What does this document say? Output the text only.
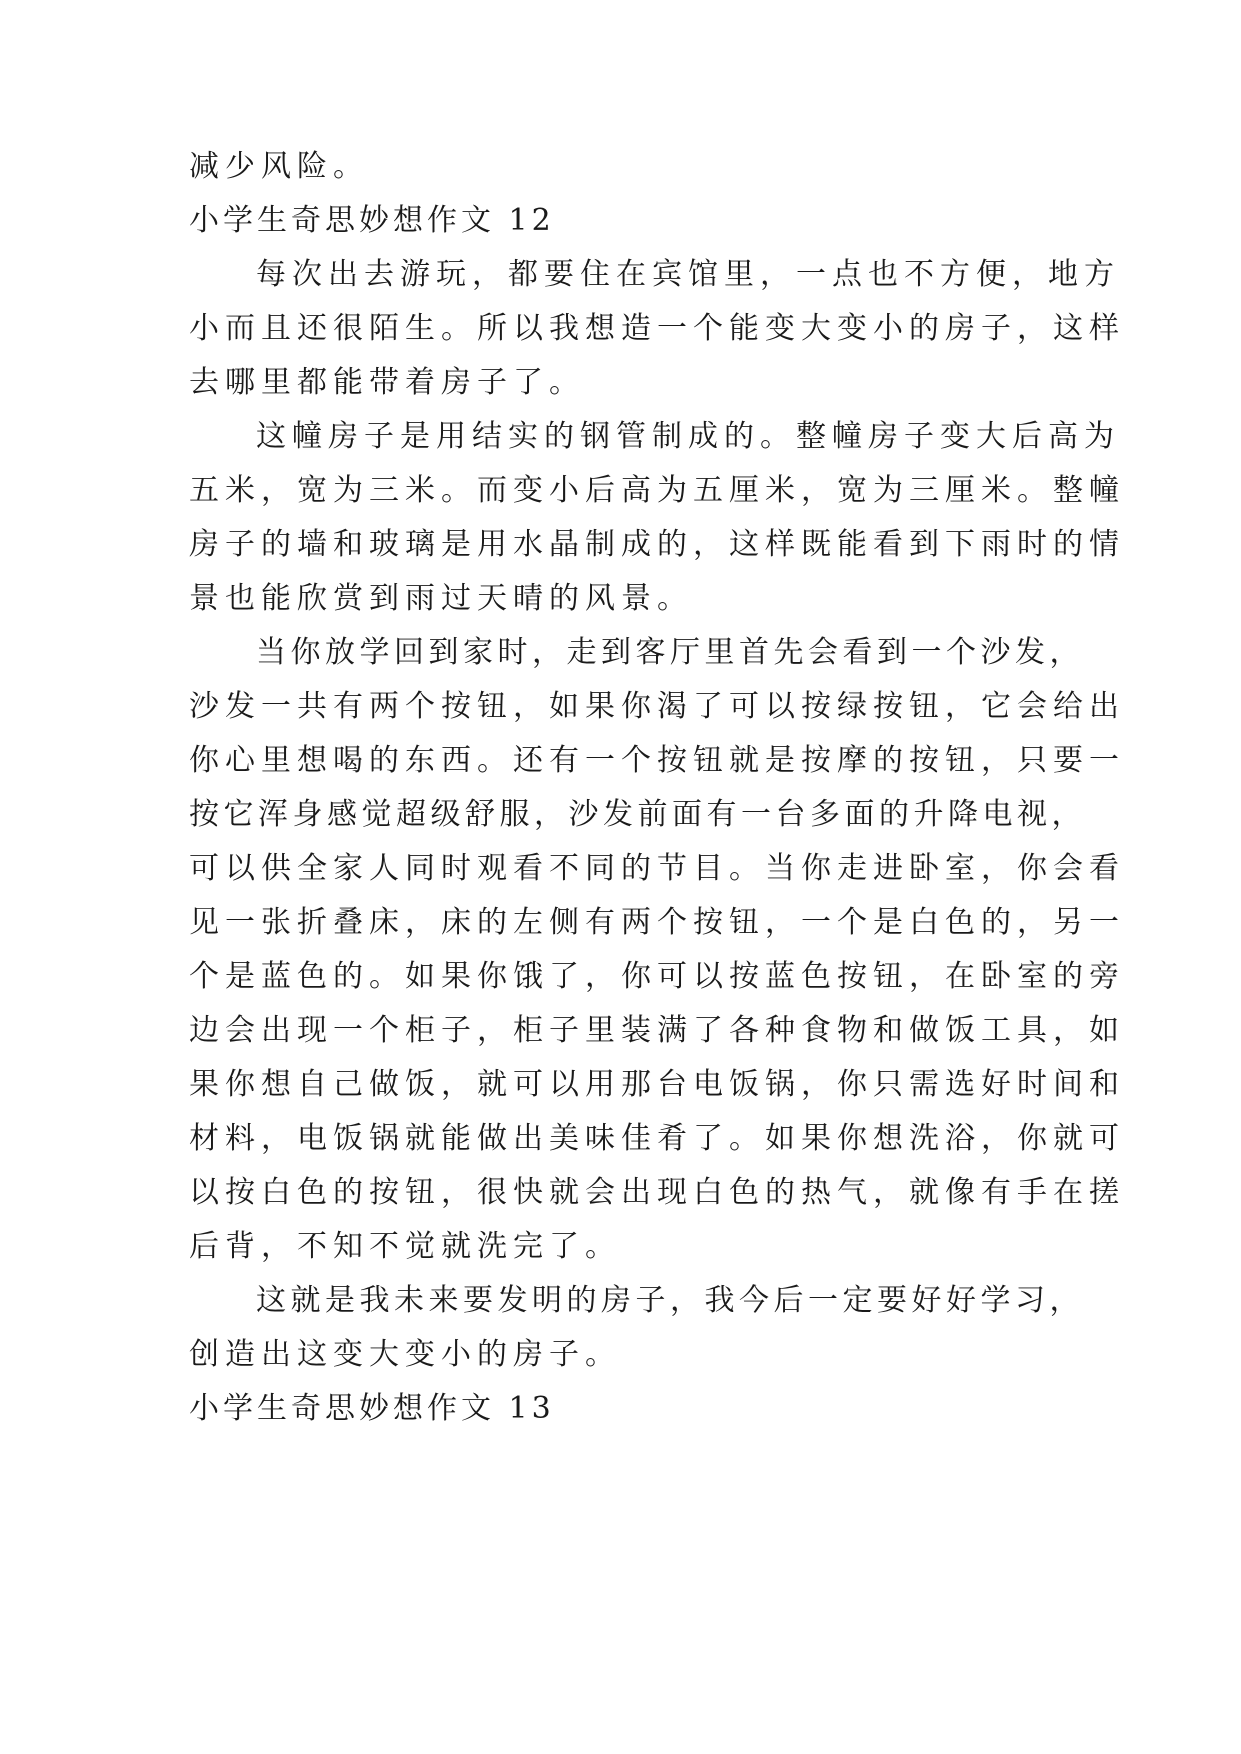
减少风险。

小学生奇思妙想作文 12

每次出去游玩，都要住在宾馆里，一点也不方便，地方

小而且还很陌生。所以我想造一个能变大变小的房子，这样

去哪里都能带着房子了。

这幢房子是用结实的钢管制成的。整幢房子变大后高为

五米，宽为三米。而变小后高为五厘米，宽为三厘米。整幢

房子的墙和玻璃是用水晶制成的，这样既能看到下雨时的情

景也能欣赏到雨过天晴的风景。

当你放学回到家时，走到客厅里首先会看到一个沙发，

沙发一共有两个按钮，如果你渴了可以按绿按钮，它会给出

你心里想喝的东西。还有一个按钮就是按摩的按钮，只要一

按它浑身感觉超级舒服，沙发前面有一台多面的升降电视，

可以供全家人同时观看不同的节目。当你走进卧室，你会看

见一张折叠床，床的左侧有两个按钮，一个是白色的，另一

个是蓝色的。如果你饿了，你可以按蓝色按钮，在卧室的旁

边会出现一个柜子，柜子里装满了各种食物和做饭工具，如

果你想自己做饭，就可以用那台电饭锅，你只需选好时间和

材料，电饭锅就能做出美味佳肴了。如果你想洗浴，你就可

以按白色的按钮，很快就会出现白色的热气，就像有手在搓

后背，不知不觉就洗完了。

这就是我未来要发明的房子，我今后一定要好好学习，

创造出这变大变小的房子。

小学生奇思妙想作文 13
